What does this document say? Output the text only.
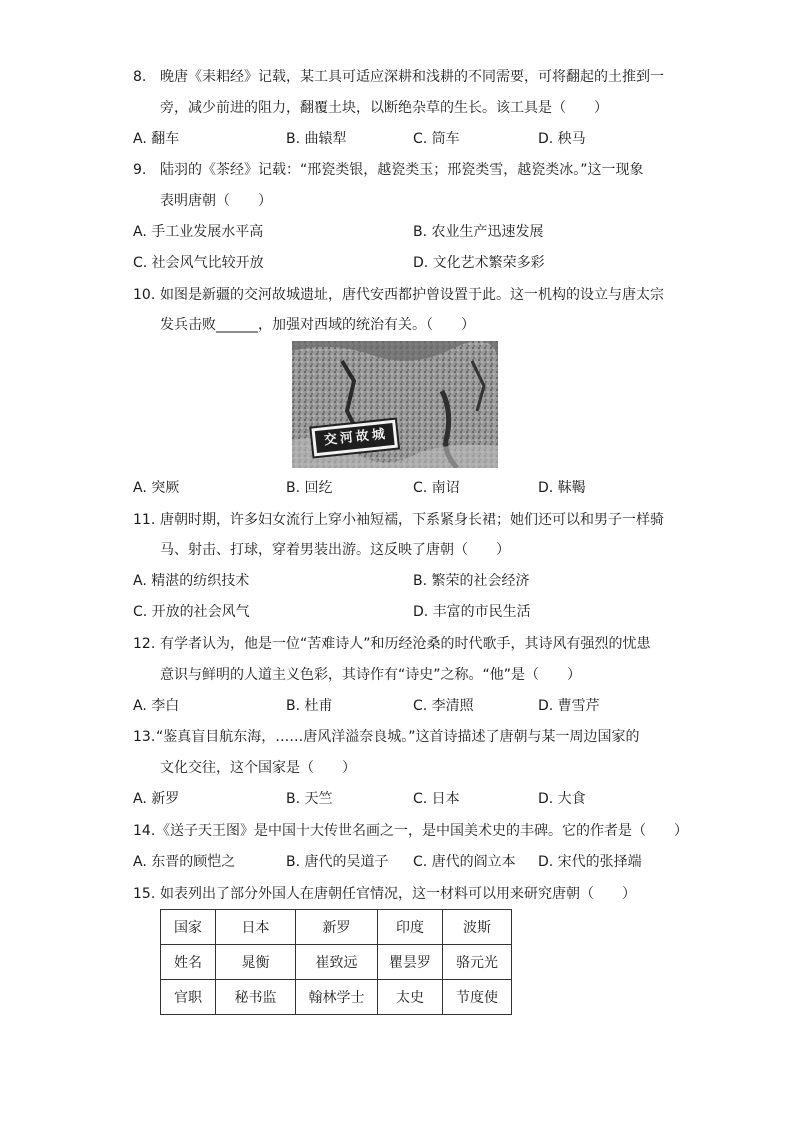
8. 晚唐《耒耜经》记载，某工具可适应深耕和浅耕的不同需要，可将翻起的土推到一
旁，减少前进的阻力，翻覆土块，以断绝杂草的生长。该工具是（　　）
A. 翻车	B. 曲辕犁	C. 筒车	D. 秧马
9. 陆羽的《茶经》记载：“邢瓷类银，越瓷类玉；邢瓷类雪，越瓷类冰。”这一现象
表明唐朝（　　）
A. 手工业发展水平高	B. 农业生产迅速发展
C. 社会风气比较开放	D. 文化艺术繁荣多彩
10. 如图是新疆的交河故城遗址，唐代安西都护曾设置于此。这一机构的设立与唐太宗
发兵击败______，加强对西域的统治有关。（　　）
交河故城
A. 突厥	B. 回纥	C. 南诏	D. 靺鞨
11. 唐朝时期，许多妇女流行上穿小袖短襦，下系紧身长裙；她们还可以和男子一样骑
马、射击、打球，穿着男装出游。这反映了唐朝（　　）
A. 精湛的纺织技术	B. 繁荣的社会经济
C. 开放的社会风气	D. 丰富的市民生活
12. 有学者认为，他是一位“苦难诗人”和历经沧桑的时代歌手，其诗风有强烈的忧患
意识与鲜明的人道主义色彩，其诗作有“诗史”之称。“他”是（　　）
A. 李白	B. 杜甫	C. 李清照	D. 曹雪芹
13. “鉴真盲目航东海，……唐风洋溢奈良城。”这首诗描述了唐朝与某一周边国家的
文化交往，这个国家是（　　）
A. 新罗	B. 天竺	C. 日本	D. 大食
14. 《送子天王图》是中国十大传世名画之一，是中国美术史的丰碑。它的作者是（　　）
A. 东晋的顾恺之	B. 唐代的吴道子 C. 唐代的阎立本 D. 宋代的张择端
15. 如表列出了部分外国人在唐朝任官情况，这一材料可以用来研究唐朝（　　）
国家	日本	新罗	印度	波斯
姓名	晁衡	崔致远	瞿昙罗	骆元光
官职	秘书监	翰林学士	太史	节度使
